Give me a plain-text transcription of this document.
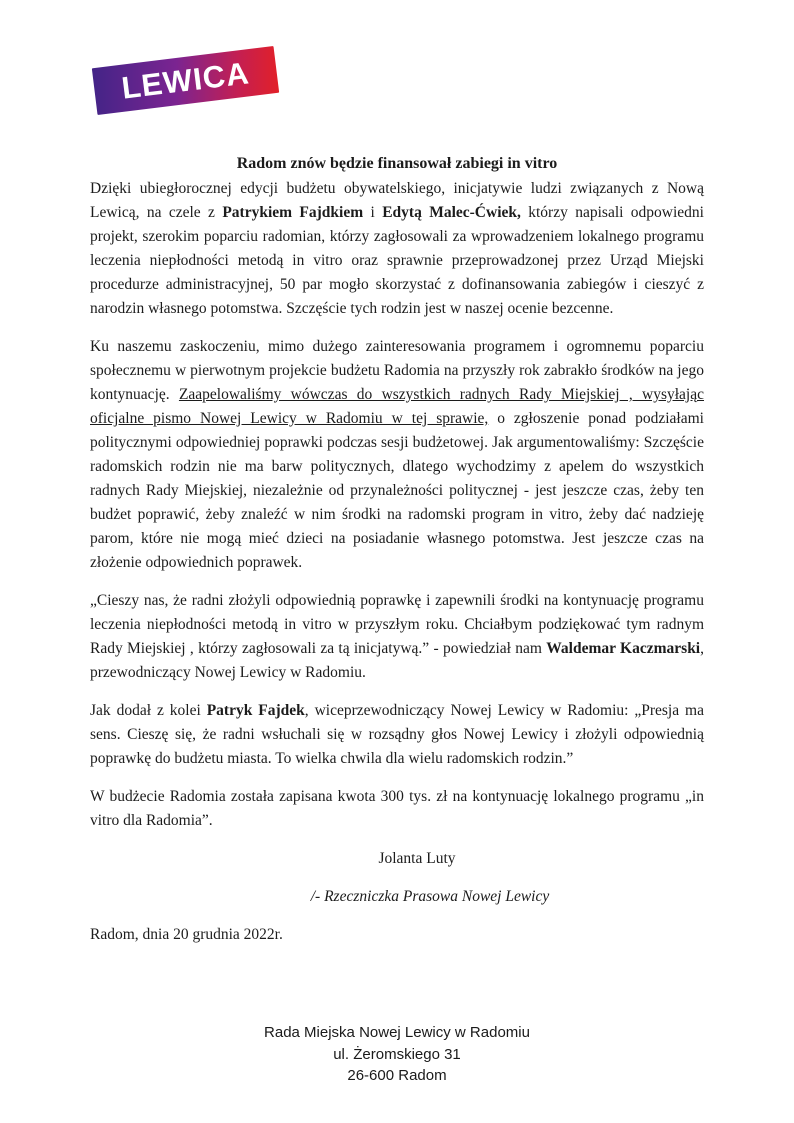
LEWICA
Radom znów będzie finansował zabiegi in vitro

Dzięki ubiegłorocznej edycji budżetu obywatelskiego, inicjatywie ludzi związanych z Nową Lewicą, na czele z Patrykiem Fajdkiem i Edytą Malec-Ćwiek, którzy napisali odpowiedni projekt, szerokim poparciu radomian, którzy zagłosowali za wprowadzeniem lokalnego programu leczenia niepłodności metodą in vitro oraz sprawnie przeprowadzonej przez Urząd Miejski procedurze administracyjnej, 50 par mogło skorzystać z dofinansowania zabiegów i cieszyć z narodzin własnego potomstwa. Szczęście tych rodzin jest w naszej ocenie bezcenne.

Ku naszemu zaskoczeniu, mimo dużego zainteresowania programem i ogromnemu poparciu społecznemu w pierwotnym projekcie budżetu Radomia na przyszły rok zabrakło środków na jego kontynuację. Zaapelowaliśmy wówczas do wszystkich radnych Rady Miejskiej , wysyłając oficjalne pismo Nowej Lewicy w Radomiu w tej sprawie, o zgłoszenie ponad podziałami politycznymi odpowiedniej poprawki podczas sesji budżetowej. Jak argumentowaliśmy: Szczęście radomskich rodzin nie ma barw politycznych, dlatego wychodzimy z apelem do wszystkich radnych Rady Miejskiej, niezależnie od przynależności politycznej - jest jeszcze czas, żeby ten budżet poprawić, żeby znaleźć w nim środki na radomski program in vitro, żeby dać nadzieję parom, które nie mogą mieć dzieci na posiadanie własnego potomstwa. Jest jeszcze czas na złożenie odpowiednich poprawek.

„Cieszy nas, że radni złożyli odpowiednią poprawkę i zapewnili środki na kontynuację programu leczenia niepłodności metodą in vitro w przyszłym roku. Chciałbym podziękować tym radnym Rady Miejskiej , którzy zagłosowali za tą inicjatywą.” - powiedział nam Waldemar Kaczmarski, przewodniczący Nowej Lewicy w Radomiu.

Jak dodał z kolei Patryk Fajdek, wiceprzewodniczący Nowej Lewicy w Radomiu: „Presja ma sens. Cieszę się, że radni wsłuchali się w rozsądny głos Nowej Lewicy i złożyli odpowiednią poprawkę do budżetu miasta. To wielka chwila dla wielu radomskich rodzin.”

W budżecie Radomia została zapisana kwota 300 tys. zł na kontynuację lokalnego programu „in vitro dla Radomia”.

Jolanta Luty

/- Rzeczniczka Prasowa Nowej Lewicy

Radom, dnia 20 grudnia 2022r.

Rada Miejska Nowej Lewicy w Radomiu
ul. Żeromskiego 31
26-600 Radom
